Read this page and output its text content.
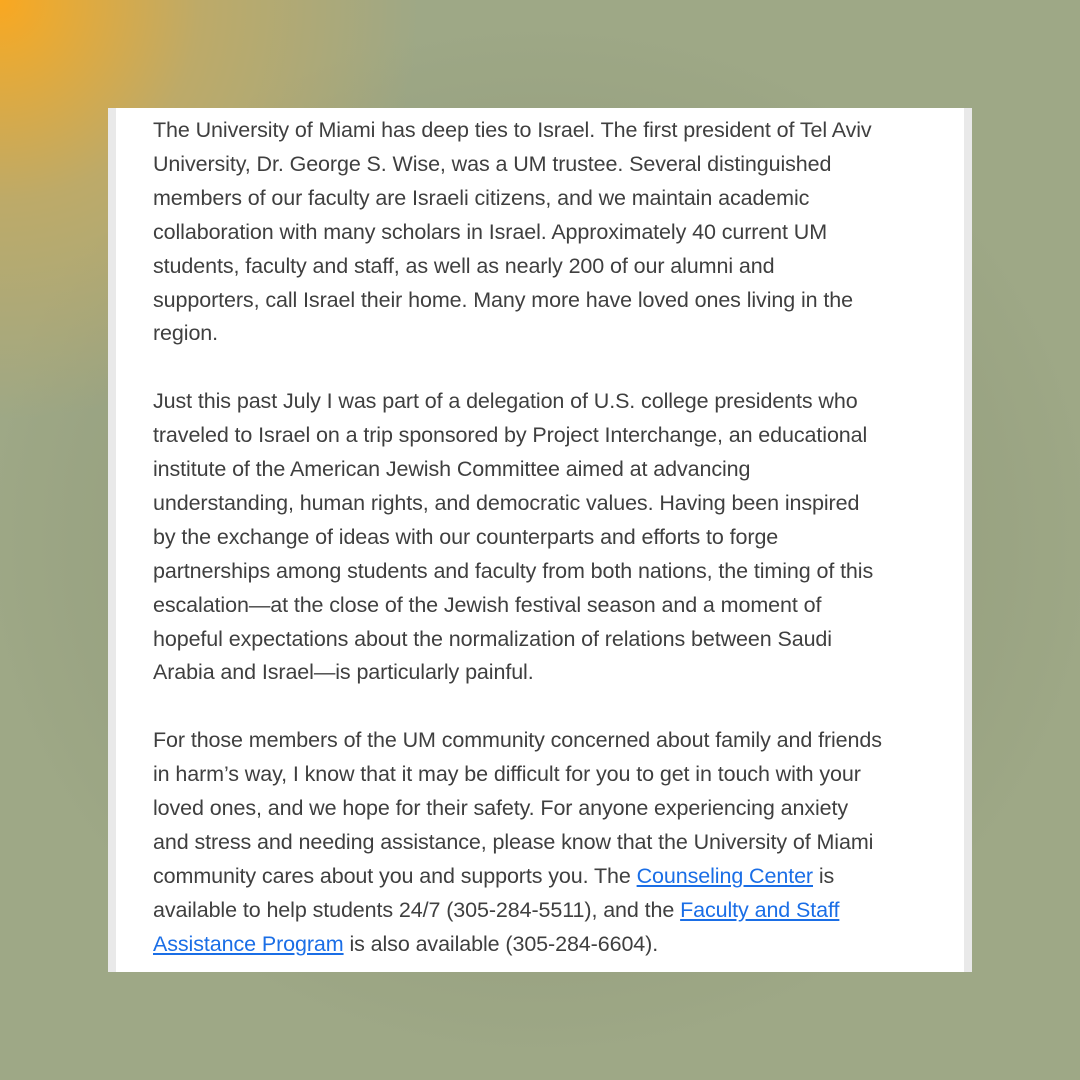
The University of Miami has deep ties to Israel. The first president of Tel Aviv
University, Dr. George S. Wise, was a UM trustee. Several distinguished
members of our faculty are Israeli citizens, and we maintain academic
collaboration with many scholars in Israel. Approximately 40 current UM
students, faculty and staff, as well as nearly 200 of our alumni and
supporters, call Israel their home. Many more have loved ones living in the
region.

Just this past July I was part of a delegation of U.S. college presidents who
traveled to Israel on a trip sponsored by Project Interchange, an educational
institute of the American Jewish Committee aimed at advancing
understanding, human rights, and democratic values. Having been inspired
by the exchange of ideas with our counterparts and efforts to forge
partnerships among students and faculty from both nations, the timing of this
escalation—at the close of the Jewish festival season and a moment of
hopeful expectations about the normalization of relations between Saudi
Arabia and Israel—is particularly painful.

For those members of the UM community concerned about family and friends
in harm’s way, I know that it may be difficult for you to get in touch with your
loved ones, and we hope for their safety. For anyone experiencing anxiety
and stress and needing assistance, please know that the University of Miami
community cares about you and supports you. The Counseling Center is
available to help students 24/7 (305-284-5511), and the Faculty and Staff
Assistance Program is also available (305-284-6604).
